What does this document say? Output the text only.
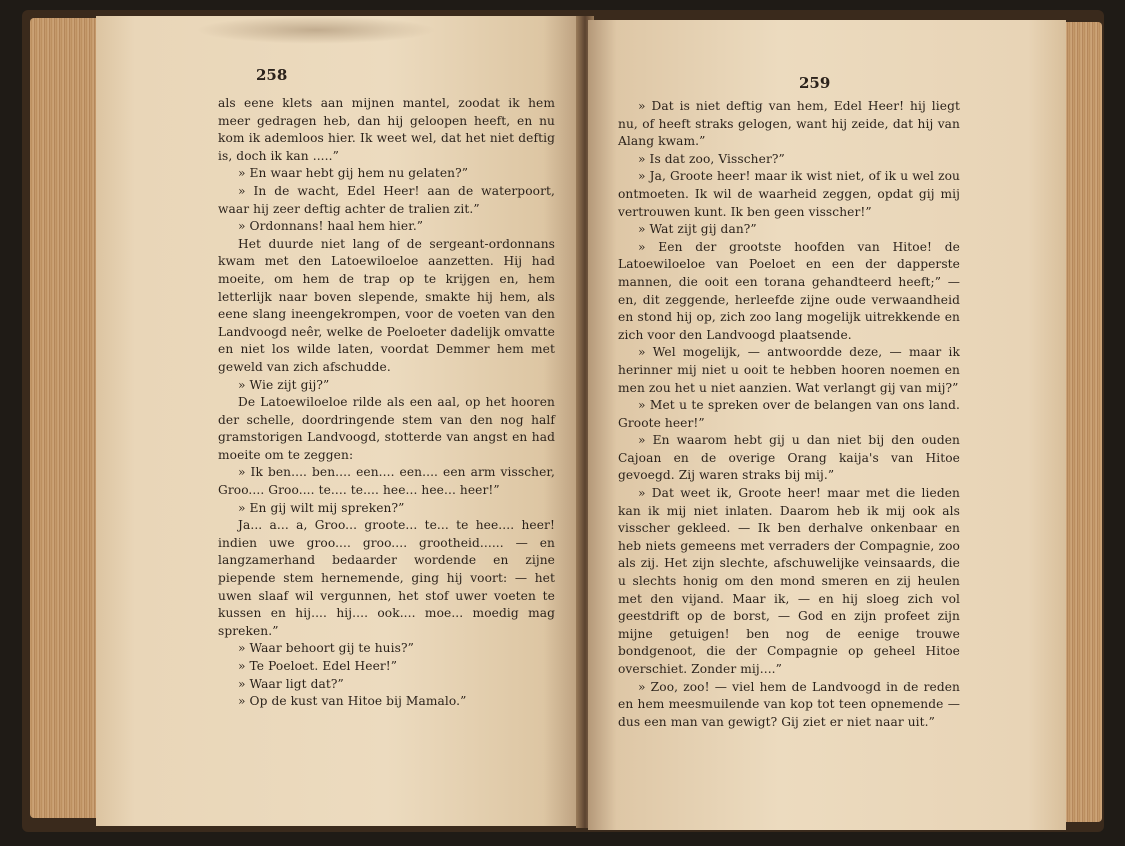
258

als eene klets aan mijnen mantel, zoodat ik hem meer gedragen heb, dan hij geloopen heeft, en nu kom ik ademloos hier. Ik weet wel, dat het niet deftig is, doch ik kan .....”

» En waar hebt gij hem nu gelaten?”

» In de wacht, Edel Heer! aan de waterpoort, waar hij zeer deftig achter de tralien zit.”

» Ordonnans! haal hem hier.”

Het duurde niet lang of de sergeant-ordonnans kwam met den Latoewiloeloe aanzetten. Hij had moeite, om hem de trap op te krijgen en, hem letterlijk naar boven slepende, smakte hij hem, als eene slang ineengekrompen, voor de voeten van den Landvoogd neêr, welke de Poeloeter dadelijk omvatte en niet los wilde laten, voordat Demmer hem met geweld van zich afschudde.

» Wie zijt gij?”

De Latoewiloeloe rilde als een aal, op het hooren der schelle, doordringende stem van den nog half gramstorigen Landvoogd, stotterde van angst en had moeite om te zeggen:

» Ik ben.... ben.... een.... een.... een arm visscher, Groo.... Groo.... te.... te.... hee... hee... heer!”

» En gij wilt mij spreken?”

Ja... a... a, Groo... groote... te... te hee.... heer! indien uwe groo.... groo.... grootheid...... — en langzamerhand bedaarder wordende en zijne piepende stem hernemende, ging hij voort: — het uwen slaaf wil vergunnen, het stof uwer voeten te kussen en hij.... hij.... ook.... moe... moedig mag spreken.”

» Waar behoort gij te huis?”

» Te Poeloet. Edel Heer!”

» Waar ligt dat?”

» Op de kust van Hitoe bij Mamalo.”

259

» Dat is niet deftig van hem, Edel Heer! hij liegt nu, of heeft straks gelogen, want hij zeide, dat hij van Alang kwam.”

» Is dat zoo, Visscher?”

» Ja, Groote heer! maar ik wist niet, of ik u wel zou ontmoeten. Ik wil de waarheid zeggen, opdat gij mij vertrouwen kunt. Ik ben geen visscher!”

» Wat zijt gij dan?”

» Een der grootste hoofden van Hitoe! de Latoewiloeloe van Poeloet en een der dapperste mannen, die ooit een torana gehandteerd heeft;” — en, dit zeggende, herleefde zijne oude verwaandheid en stond hij op, zich zoo lang mogelijk uitrekkende en zich voor den Landvoogd plaatsende.

» Wel mogelijk, — antwoordde deze, — maar ik herinner mij niet u ooit te hebben hooren noemen en men zou het u niet aanzien. Wat verlangt gij van mij?”

» Met u te spreken over de belangen van ons land. Groote heer!”

» En waarom hebt gij u dan niet bij den ouden Cajoan en de overige Orang kaija's van Hitoe gevoegd. Zij waren straks bij mij.”

» Dat weet ik, Groote heer! maar met die lieden kan ik mij niet inlaten. Daarom heb ik mij ook als visscher gekleed. — Ik ben derhalve onkenbaar en heb niets gemeens met verraders der Compagnie, zoo als zij. Het zijn slechte, afschuwelijke veinsaards, die u slechts honig om den mond smeren en zij heulen met den vijand. Maar ik, — en hij sloeg zich vol geestdrift op de borst, — God en zijn profeet zijn mijne getuigen! ben nog de eenige trouwe bondgenoot, die der Compagnie op geheel Hitoe overschiet. Zonder mij....”

» Zoo, zoo! — viel hem de Landvoogd in de reden en hem meesmuilende van kop tot teen opnemende — dus een man van gewigt? Gij ziet er niet naar uit.”
